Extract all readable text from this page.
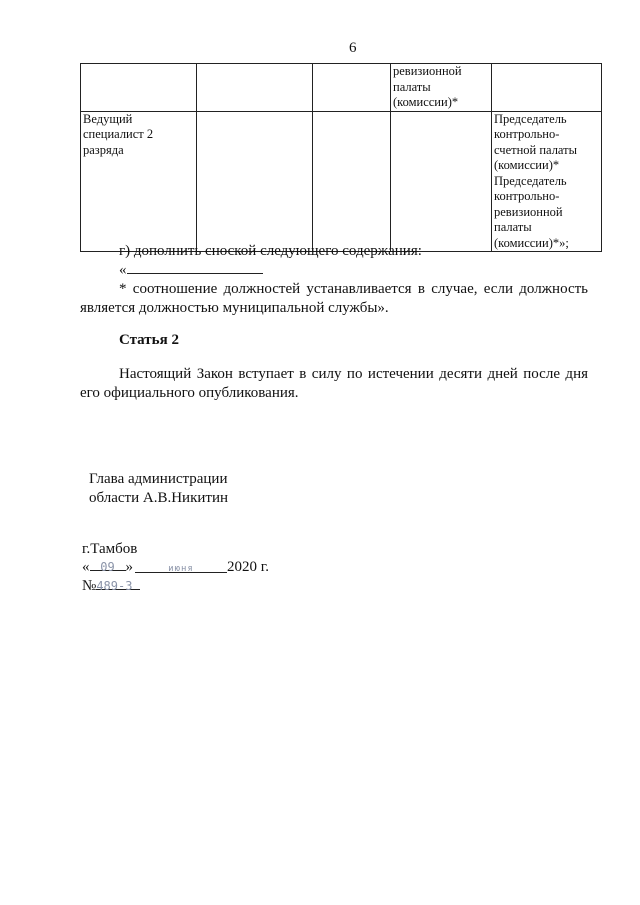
6
			ревизионной палаты (комиссии)*	
Ведущий специалист 2 разряда				Председатель контрольно-счетной палаты (комиссии)* Председатель контрольно-ревизионной палаты (комиссии)*»;
г) дополнить сноской следующего содержания:
«
* соотношение должностей устанавливается в случае, если должность
является должностью муниципальной службы».
Статья 2
Настоящий Закон вступает в силу по истечении десяти дней после дня
его официального опубликования.
Глава администрации
области А.В.Никитин
г.Тамбов
« 09 »	июня 2020 г.
№489-3
